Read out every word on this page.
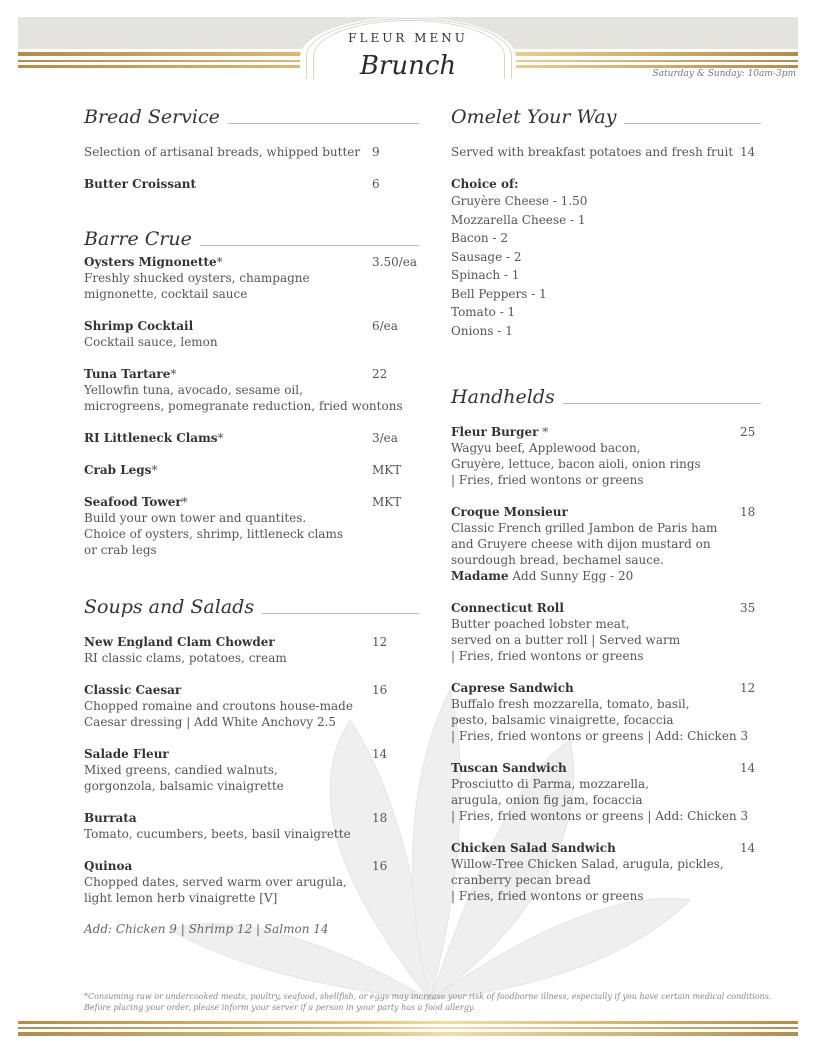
FLEUR MENU
Brunch	Saturday & Sunday: 10am-3pm
Bread Service
Selection of artisanal breads, whipped butter 9
Butter Croissant	6
Barre Crue
Oysters Mignonette*
Freshly shucked oysters, champagne
mignonette, cocktail sauce
3.50/ea
Shrimp Cocktail
Cocktail sauce, lemon
6/ea
Tuna Tartare*
Yellowfin tuna, avocado, sesame oil,
microgreens, pomegranate reduction, fried wontons
22
RI Littleneck Clams*	3/ea
Crab Legs*	MKT
Seafood Tower*
Build your own tower and quantites.
Choice of oysters, shrimp, littleneck clams
or crab legs
MKT
Soups and Salads
New England Clam Chowder
RI classic clams, potatoes, cream
12
Classic Caesar
Chopped romaine and croutons house-made
Caesar dressing | Add White Anchovy 2.5
16
Salade Fleur
Mixed greens, candied walnuts,
gorgonzola, balsamic vinaigrette
14
Burrata
Tomato, cucumbers, beets, basil vinaigrette
18
Quinoa
Chopped dates, served warm over arugula,
light lemon herb vinaigrette [V]
16
Add: Chicken 9 | Shrimp 12 | Salmon 14
Omelet Your Way
Served with breakfast potatoes and fresh fruit 14
Choice of:
Gruyère Cheese - 1.50
Mozzarella Cheese - 1
Bacon - 2
Sausage - 2
Spinach - 1
Bell Peppers - 1
Tomato - 1
Onions - 1
Handhelds
Fleur Burger *
Wagyu beef, Applewood bacon,
Gruyère, lettuce, bacon aioli, onion rings
| Fries, fried wontons or greens
25
Croque Monsieur
Classic French grilled Jambon de Paris ham
and Gruyere cheese with dijon mustard on
sourdough bread, bechamel sauce.
Madame Add Sunny Egg - 20
18
Connecticut Roll
Butter poached lobster meat,
served on a butter roll | Served warm
| Fries, fried wontons or greens
35
Caprese Sandwich
Buffalo fresh mozzarella, tomato, basil,
pesto, balsamic vinaigrette, focaccia
| Fries, fried wontons or greens | Add: Chicken 3
12
Tuscan Sandwich
Prosciutto di Parma, mozzarella,
arugula, onion fig jam, focaccia
| Fries, fried wontons or greens | Add: Chicken 3
14
Chicken Salad Sandwich
Willow-Tree Chicken Salad, arugula, pickles,
cranberry pecan bread
| Fries, fried wontons or greens
14
*Consuming raw or undercooked meats, poultry, seafood, shellfish, or eggs may increase your risk of foodborne illness, especially if you have certain medical conditions.
Before placing your order, please inform your server if a person in your party has a food allergy.
